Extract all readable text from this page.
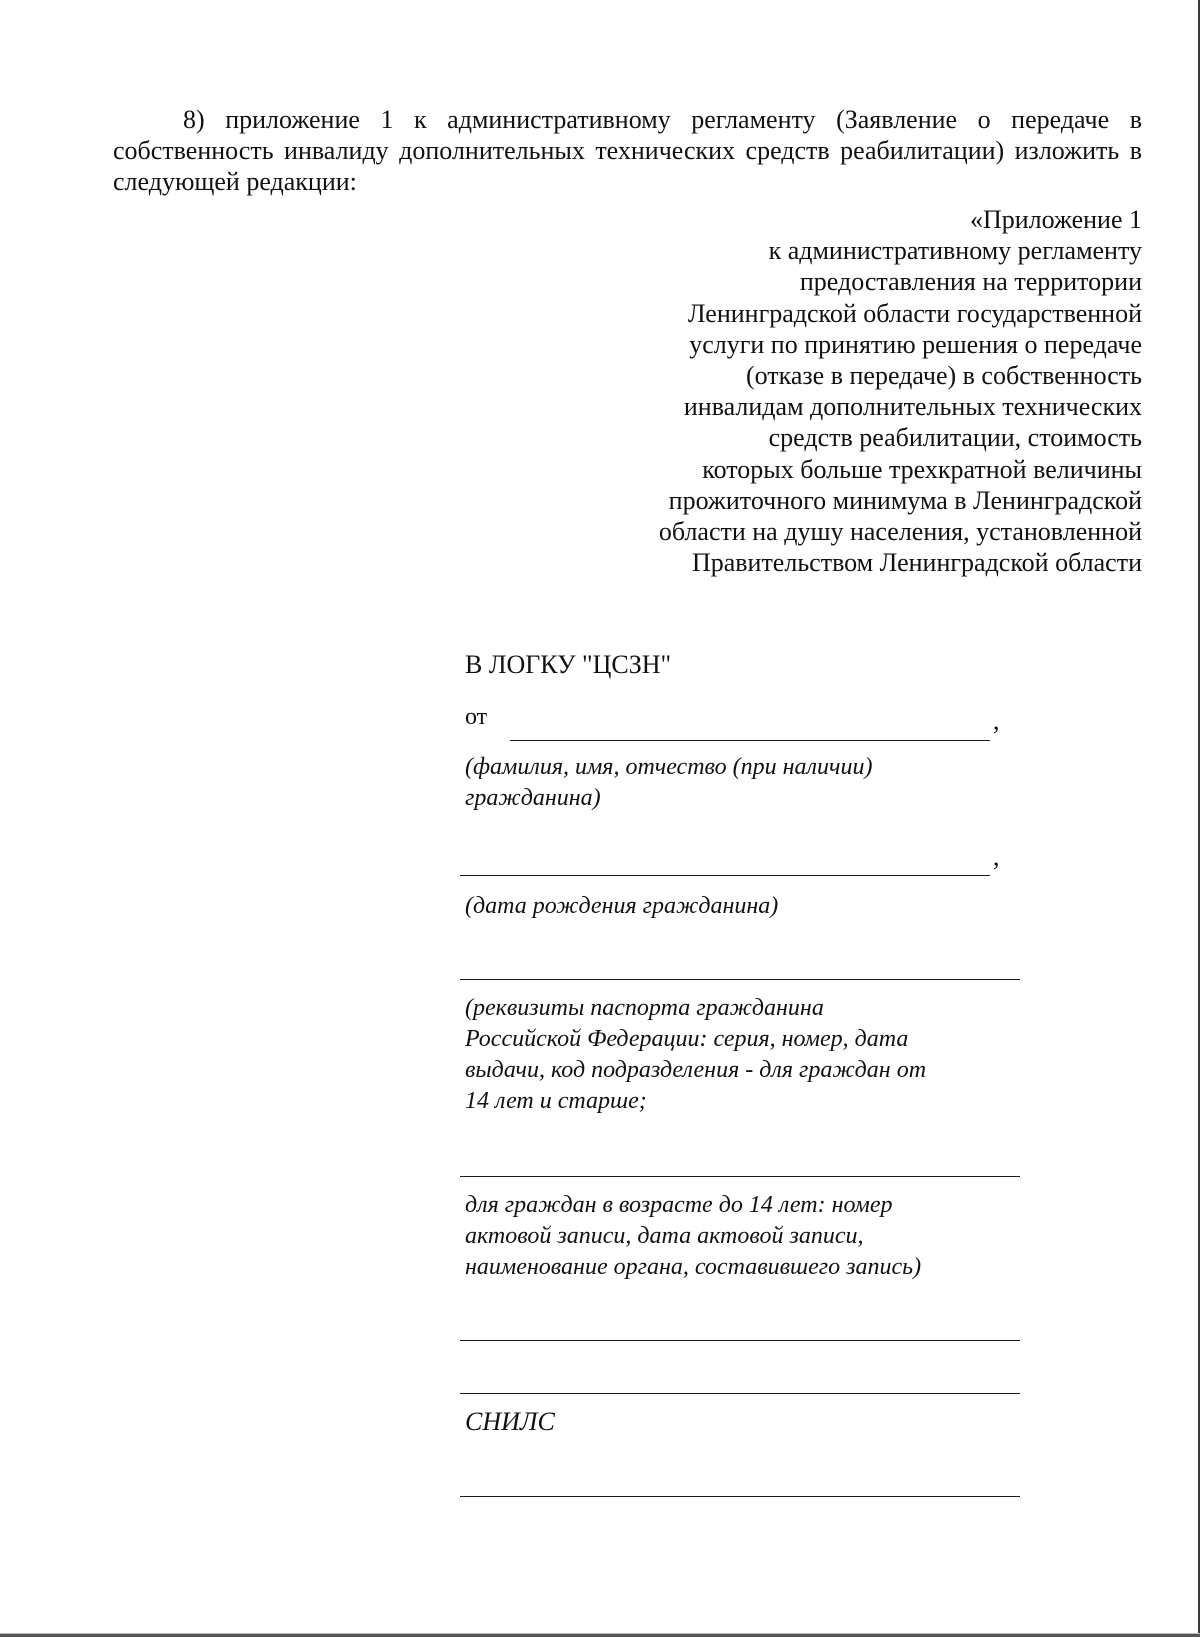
8) приложение 1 к административному регламенту (Заявление о передаче в собственность инвалиду дополнительных технических средств реабилитации) изложить в следующей редакции:

«Приложение 1
к административному регламенту
предоставления на территории
Ленинградской области государственной
услуги по принятию решения о передаче
(отказе в передаче) в собственность
инвалидам дополнительных технических
средств реабилитации, стоимость
которых больше трехкратной величины
прожиточного минимума в Ленинградской
области на душу населения, установленной
Правительством Ленинградской области
В ЛОГКУ "ЦСЗН"
от	,
(фамилия, имя, отчество (при наличии)
гражданина)
,
(дата рождения гражданина)
(реквизиты паспорта гражданина
Российской Федерации: серия, номер, дата
выдачи, код подразделения - для граждан от
14 лет и старше;
для граждан в возрасте до 14 лет: номер
актовой записи, дата актовой записи,
наименование органа, составившего запись)
СНИЛС
